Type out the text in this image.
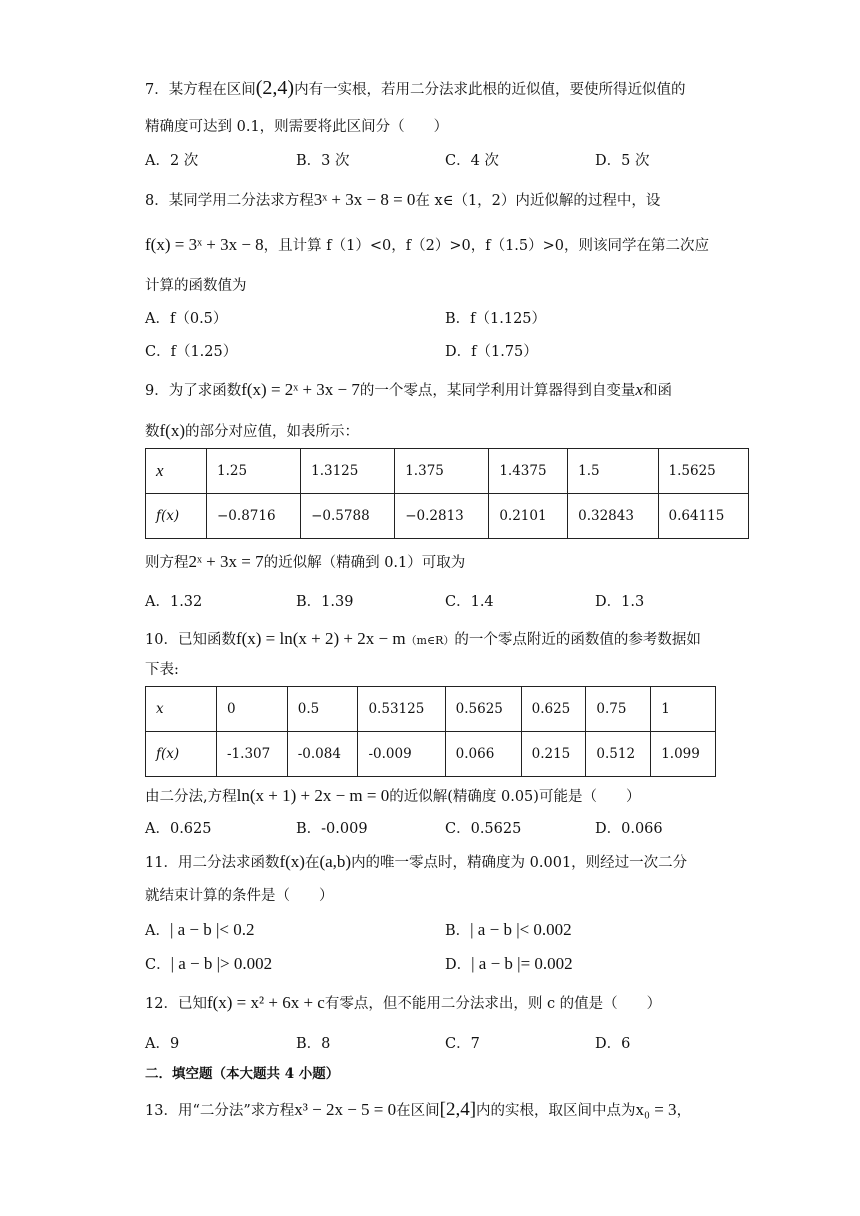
7．某方程在区间(2,4)内有一实根，若用二分法求此根的近似值，要使所得近似值的
精确度可达到 0.1，则需要将此区间分（　　）
A．2 次	B．3 次	C．4 次	D．5 次
8．某同学用二分法求方程3ˣ + 3x − 8 = 0在 x∈（1，2）内近似解的过程中，设
f(x) = 3ˣ + 3x − 8，且计算 f（1）<0，f（2）>0，f（1.5）>0，则该同学在第二次应
计算的函数值为
A．f（0.5）	B．f（1.125）
C．f（1.25）	D．f（1.75）
9．为了求函数f(x) = 2ˣ + 3x − 7的一个零点，某同学利用计算器得到自变量x和函
数f(x)的部分对应值，如表所示：
x	1.25	1.3125	1.375	1.4375	1.5	1.5625
f(x)	−0.8716	−0.5788	−0.2813	0.2101	0.32843	0.64115
则方程2ˣ + 3x = 7的近似解（精确到 0.1）可取为
A．1.32	B．1.39	C．1.4	D．1.3
10．已知函数f(x) = ln(x + 2) + 2x − m（m∈R）的一个零点附近的函数值的参考数据如
下表:
x	0	0.5	0.53125	0.5625	0.625	0.75	1
f(x)	-1.307	-0.084	-0.009	0.066	0.215	0.512	1.099
由二分法,方程ln(x + 1) + 2x − m = 0的近似解(精确度 0.05)可能是（　　）
A．0.625	B．-0.009	C．0.5625	D．0.066
11．用二分法求函数f(x)在(a,b)内的唯一零点时，精确度为 0.001，则经过一次二分
就结束计算的条件是（　　）
A．| a − b |< 0.2	B．| a − b |< 0.002
C．| a − b |> 0.002	D．| a − b |= 0.002
12．已知f(x) = x² + 6x + c有零点，但不能用二分法求出，则 c 的值是（　　）
A．9	B．8	C．7	D．6
二．填空题（本大题共 4 小题）
13．用“二分法”求方程x³ − 2x − 5 = 0在区间[2,4]内的实根，取区间中点为x₀ = 3，
